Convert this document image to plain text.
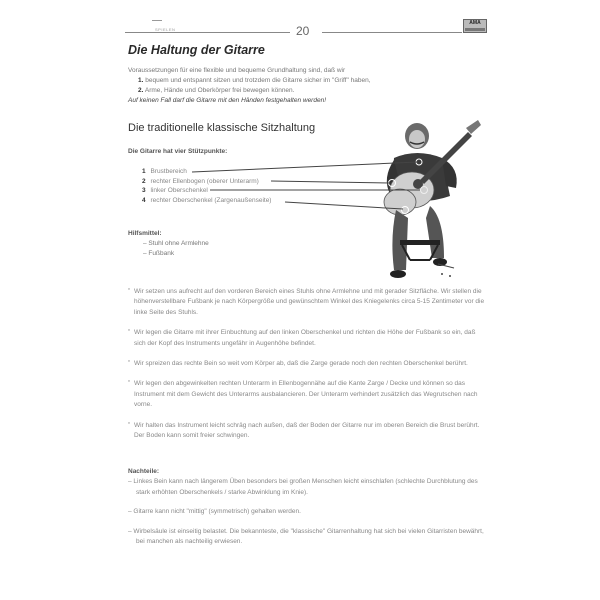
SPIELEN	20
AMA
Die Haltung der Gitarre
Voraussetzungen für eine flexible und bequeme Grundhaltung sind, daß wir
1. bequem und entspannt sitzen und trotzdem die Gitarre sicher im "Griff" haben,
2. Arme, Hände und Oberkörper frei bewegen können.
Auf keinen Fall darf die Gitarre mit den Händen festgehalten werden!
Die traditionelle klassische Sitzhaltung
Die Gitarre hat vier Stützpunkte:
1 Brustbereich
2 rechter Ellenbogen (oberer Unterarm)
3 linker Oberschenkel
4 rechter Oberschenkel (Zargenaußenseite)
Hilfsmittel:
– Stuhl ohne Armlehne
– Fußbank
* Wir setzen uns aufrecht auf den vorderen Bereich eines Stuhls ohne Armlehne und mit gerader Sitzfläche. Wir stellen die höhenverstellbare Fußbank je nach Körpergröße und gewünschtem Winkel des Kniegelenks circa 5-15 Zentimeter vor die linke Seite des Stuhls.
* Wir legen die Gitarre mit ihrer Einbuchtung auf den linken Oberschenkel und richten die Höhe der Fußbank so ein, daß sich der Kopf des Instruments ungefähr in Augenhöhe befindet.
* Wir spreizen das rechte Bein so weit vom Körper ab, daß die Zarge gerade noch den rechten Oberschenkel berührt.
* Wir legen den abgewinkelten rechten Unterarm in Ellenbogennähe auf die Kante Zarge / Decke und können so das Instrument mit dem Gewicht des Unterarms ausbalancieren. Der Unterarm verhindert zusätzlich das Wegrutschen nach vorne.
* Wir halten das Instrument leicht schräg nach außen, daß der Boden der Gitarre nur im oberen Bereich die Brust berührt. Der Boden kann somit freier schwingen.
Nachteile:
– Linkes Bein kann nach längerem Üben besonders bei großen Menschen leicht einschlafen (schlechte Durchblutung des stark erhöhten Oberschenkels / starke Abwinklung im Knie).
– Gitarre kann nicht "mittig" (symmetrisch) gehalten werden.
– Wirbelsäule ist einseitig belastet. Die bekannteste, die "klassische" Gitarrenhaltung hat sich bei vielen Gitarristen bewährt, bei manchen als nachteilig erwiesen.
